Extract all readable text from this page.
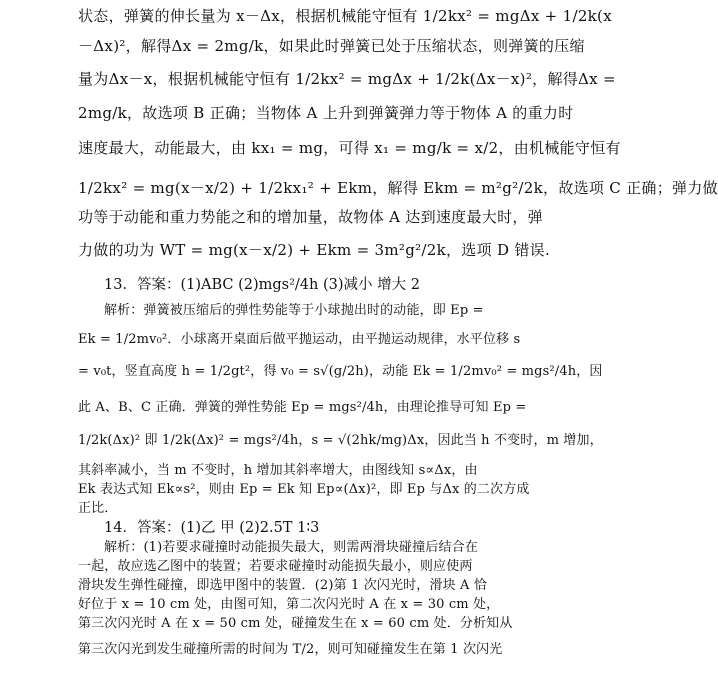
状态，弹簧的伸长量为 x－Δx，根据机械能守恒有 1/2kx² = mgΔx + 1/2k(x
－Δx)²，解得Δx = 2mg/k，如果此时弹簧已处于压缩状态，则弹簧的压缩
量为Δx－x，根据机械能守恒有 1/2kx² = mgΔx + 1/2k(Δx－x)²，解得Δx =
2mg/k，故选项 B 正确；当物体 A 上升到弹簧弹力等于物体 A 的重力时
速度最大，动能最大，由 kx₁ = mg，可得 x₁ = mg/k = x/2，由机械能守恒有
1/2kx² = mg(x－x/2) + 1/2kx₁² + Ekm，解得 Ekm = m²g²/2k，故选项 C 正确；弹力做
功等于动能和重力势能之和的增加量，故物体 A 达到速度最大时，弹
力做的功为 WT = mg(x－x/2) + Ekm = 3m²g²/2k，选项 D 错误.
13．答案：(1)ABC (2)mgs²/4h (3)减小 增大 2
解析：弹簧被压缩后的弹性势能等于小球抛出时的动能，即 Ep =
Ek = 1/2mv₀²．小球离开桌面后做平抛运动，由平抛运动规律，水平位移 s
= v₀t，竖直高度 h = 1/2gt²，得 v₀ = s√(g/2h)，动能 Ek = 1/2mv₀² = mgs²/4h，因
此 A、B、C 正确．弹簧的弹性势能 Ep = mgs²/4h，由理论推导可知 Ep =
1/2k(Δx)² 即 1/2k(Δx)² = mgs²/4h，s = √(2hk/mg)Δx，因此当 h 不变时，m 增加，
其斜率减小，当 m 不变时，h 增加其斜率增大，由图线知 s∝Δx，由
Ek 表达式知 Ek∝s²，则由 Ep = Ek 知 Ep∝(Δx)²，即 Ep 与Δx 的二次方成
正比．
14．答案：(1)乙 甲 (2)2.5T 1∶3
解析：(1)若要求碰撞时动能损失最大，则需两滑块碰撞后结合在
一起，故应选乙图中的装置；若要求碰撞时动能损失最小，则应使两
滑块发生弹性碰撞，即选甲图中的装置．(2)第 1 次闪光时，滑块 A 恰
好位于 x = 10 cm 处，由图可知，第二次闪光时 A 在 x = 30 cm 处，
第三次闪光时 A 在 x = 50 cm 处，碰撞发生在 x = 60 cm 处．分析知从
第三次闪光到发生碰撞所需的时间为 T/2，则可知碰撞发生在第 1 次闪光
